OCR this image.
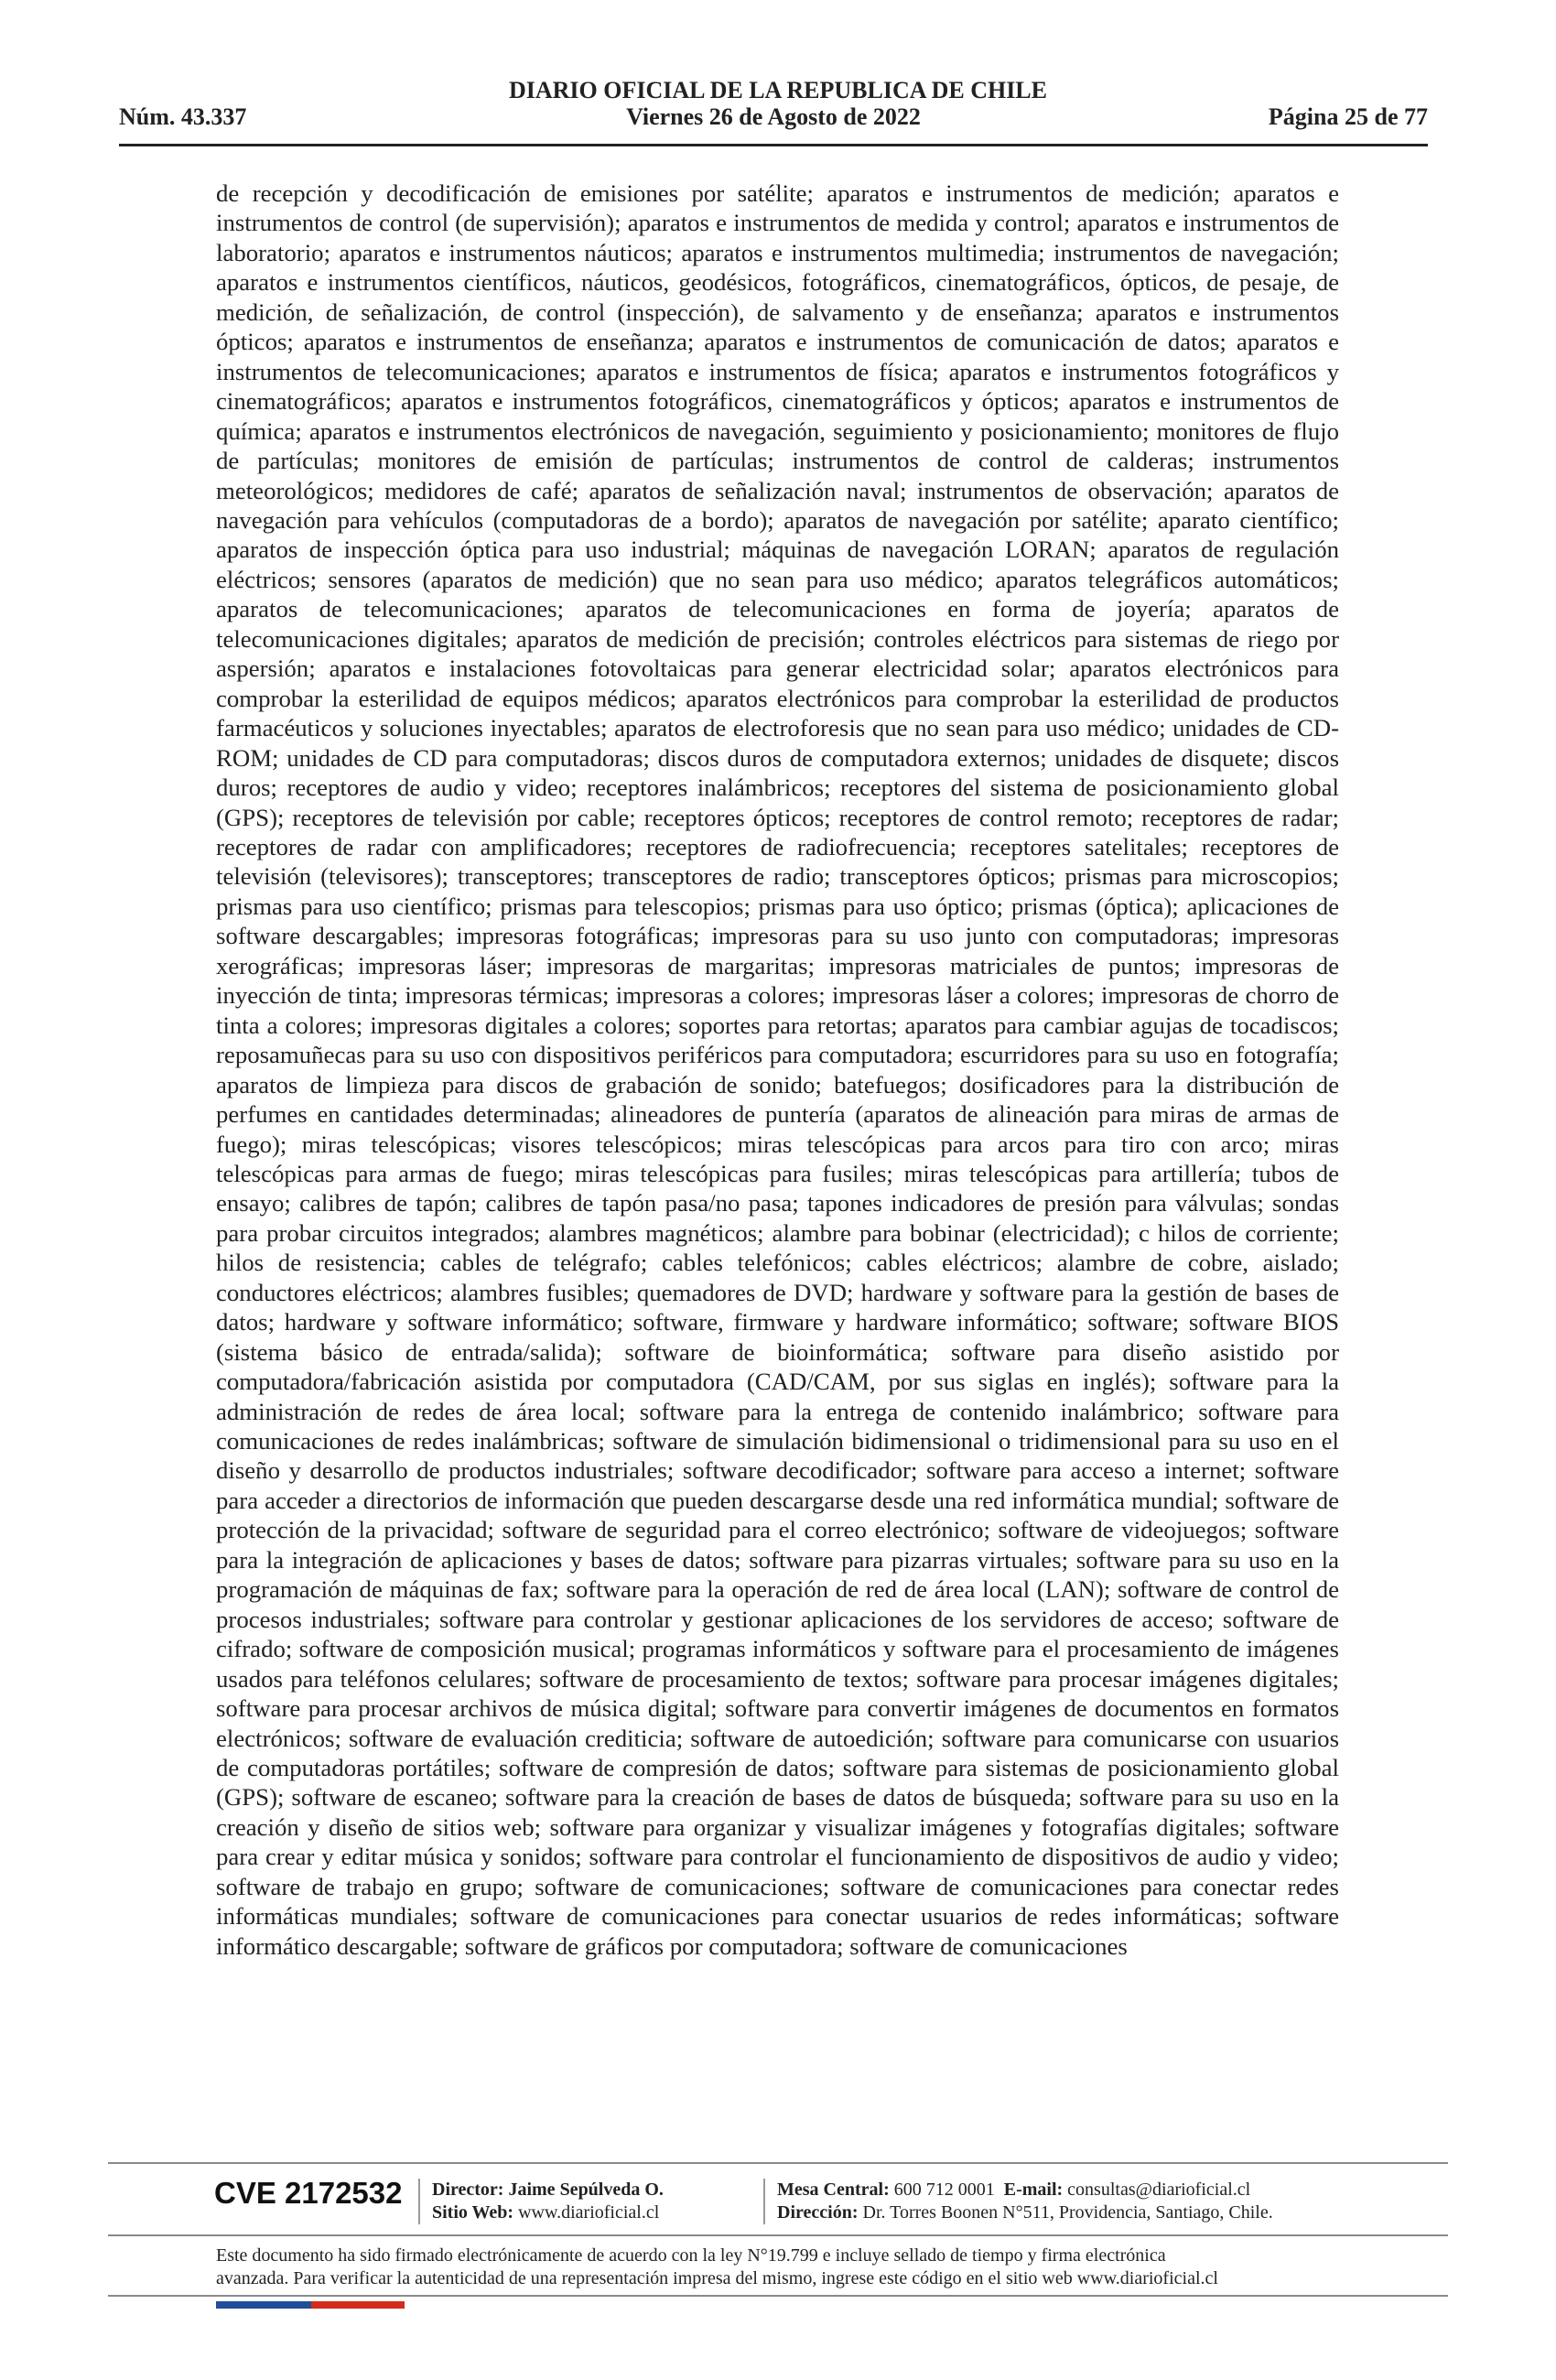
DIARIO OFICIAL DE LA REPUBLICA DE CHILE
Núm. 43.337	Viernes 26 de Agosto de 2022	Página 25 de 77
de recepción y decodificación de emisiones por satélite; aparatos e instrumentos de medición; aparatos e instrumentos de control (de supervisión); aparatos e instrumentos de medida y control; aparatos e instrumentos de laboratorio; aparatos e instrumentos náuticos; aparatos e instrumentos multimedia; instrumentos de navegación; aparatos e instrumentos científicos, náuticos, geodésicos, fotográficos, cinematográficos, ópticos, de pesaje, de medición, de señalización, de control (inspección), de salvamento y de enseñanza; aparatos e instrumentos ópticos; aparatos e instrumentos de enseñanza; aparatos e instrumentos de comunicación de datos; aparatos e instrumentos de telecomunicaciones; aparatos e instrumentos de física; aparatos e instrumentos fotográficos y cinematográficos; aparatos e instrumentos fotográficos, cinematográficos y ópticos; aparatos e instrumentos de química; aparatos e instrumentos electrónicos de navegación, seguimiento y posicionamiento; monitores de flujo de partículas; monitores de emisión de partículas; instrumentos de control de calderas; instrumentos meteorológicos; medidores de café; aparatos de señalización naval; instrumentos de observación; aparatos de navegación para vehículos (computadoras de a bordo); aparatos de navegación por satélite; aparato científico; aparatos de inspección óptica para uso industrial; máquinas de navegación LORAN; aparatos de regulación eléctricos; sensores (aparatos de medición) que no sean para uso médico; aparatos telegráficos automáticos; aparatos de telecomunicaciones; aparatos de telecomunicaciones en forma de joyería; aparatos de telecomunicaciones digitales; aparatos de medición de precisión; controles eléctricos para sistemas de riego por aspersión; aparatos e instalaciones fotovoltaicas para generar electricidad solar; aparatos electrónicos para comprobar la esterilidad de equipos médicos; aparatos electrónicos para comprobar la esterilidad de productos farmacéuticos y soluciones inyectables; aparatos de electroforesis que no sean para uso médico; unidades de CD-ROM; unidades de CD para computadoras; discos duros de computadora externos; unidades de disquete; discos duros; receptores de audio y video; receptores inalámbricos; receptores del sistema de posicionamiento global (GPS); receptores de televisión por cable; receptores ópticos; receptores de control remoto; receptores de radar; receptores de radar con amplificadores; receptores de radiofrecuencia; receptores satelitales; receptores de televisión (televisores); transceptores; transceptores de radio; transceptores ópticos; prismas para microscopios; prismas para uso científico; prismas para telescopios; prismas para uso óptico; prismas (óptica); aplicaciones de software descargables; impresoras fotográficas; impresoras para su uso junto con computadoras; impresoras xerográficas; impresoras láser; impresoras de margaritas; impresoras matriciales de puntos; impresoras de inyección de tinta; impresoras térmicas; impresoras a colores; impresoras láser a colores; impresoras de chorro de tinta a colores; impresoras digitales a colores; soportes para retortas; aparatos para cambiar agujas de tocadiscos; reposamuñecas para su uso con dispositivos periféricos para computadora; escurridores para su uso en fotografía; aparatos de limpieza para discos de grabación de sonido; batefuegos; dosificadores para la distribución de perfumes en cantidades determinadas; alineadores de puntería (aparatos de alineación para miras de armas de fuego); miras telescópicas; visores telescópicos; miras telescópicas para arcos para tiro con arco; miras telescópicas para armas de fuego; miras telescópicas para fusiles; miras telescópicas para artillería; tubos de ensayo; calibres de tapón; calibres de tapón pasa/no pasa; tapones indicadores de presión para válvulas; sondas para probar circuitos integrados; alambres magnéticos; alambre para bobinar (electricidad); c hilos de corriente; hilos de resistencia; cables de telégrafo; cables telefónicos; cables eléctricos; alambre de cobre, aislado; conductores eléctricos; alambres fusibles; quemadores de DVD; hardware y software para la gestión de bases de datos; hardware y software informático; software, firmware y hardware informático; software; software BIOS (sistema básico de entrada/salida); software de bioinformática; software para diseño asistido por computadora/fabricación asistida por computadora (CAD/CAM, por sus siglas en inglés); software para la administración de redes de área local; software para la entrega de contenido inalámbrico; software para comunicaciones de redes inalámbricas; software de simulación bidimensional o tridimensional para su uso en el diseño y desarrollo de productos industriales; software decodificador; software para acceso a internet; software para acceder a directorios de información que pueden descargarse desde una red informática mundial; software de protección de la privacidad; software de seguridad para el correo electrónico; software de videojuegos; software para la integración de aplicaciones y bases de datos; software para pizarras virtuales; software para su uso en la programación de máquinas de fax; software para la operación de red de área local (LAN); software de control de procesos industriales; software para controlar y gestionar aplicaciones de los servidores de acceso; software de cifrado; software de composición musical; programas informáticos y software para el procesamiento de imágenes usados para teléfonos celulares; software de procesamiento de textos; software para procesar imágenes digitales; software para procesar archivos de música digital; software para convertir imágenes de documentos en formatos electrónicos; software de evaluación crediticia; software de autoedición; software para comunicarse con usuarios de computadoras portátiles; software de compresión de datos; software para sistemas de posicionamiento global (GPS); software de escaneo; software para la creación de bases de datos de búsqueda; software para su uso en la creación y diseño de sitios web; software para organizar y visualizar imágenes y fotografías digitales; software para crear y editar música y sonidos; software para controlar el funcionamiento de dispositivos de audio y video; software de trabajo en grupo; software de comunicaciones; software de comunicaciones para conectar redes informáticas mundiales; software de comunicaciones para conectar usuarios de redes informáticas; software informático descargable; software de gráficos por computadora; software de comunicaciones
CVE 2172532 Director: Jaime Sepúlveda O.
Sitio Web: www.diarioficial.cl
Mesa Central: 600 712 0001 E-mail: consultas@diarioficial.cl
Dirección: Dr. Torres Boonen N°511, Providencia, Santiago, Chile.
Este documento ha sido firmado electrónicamente de acuerdo con la ley N°19.799 e incluye sellado de tiempo y firma electrónica
avanzada. Para verificar la autenticidad de una representación impresa del mismo, ingrese este código en el sitio web www.diarioficial.cl
